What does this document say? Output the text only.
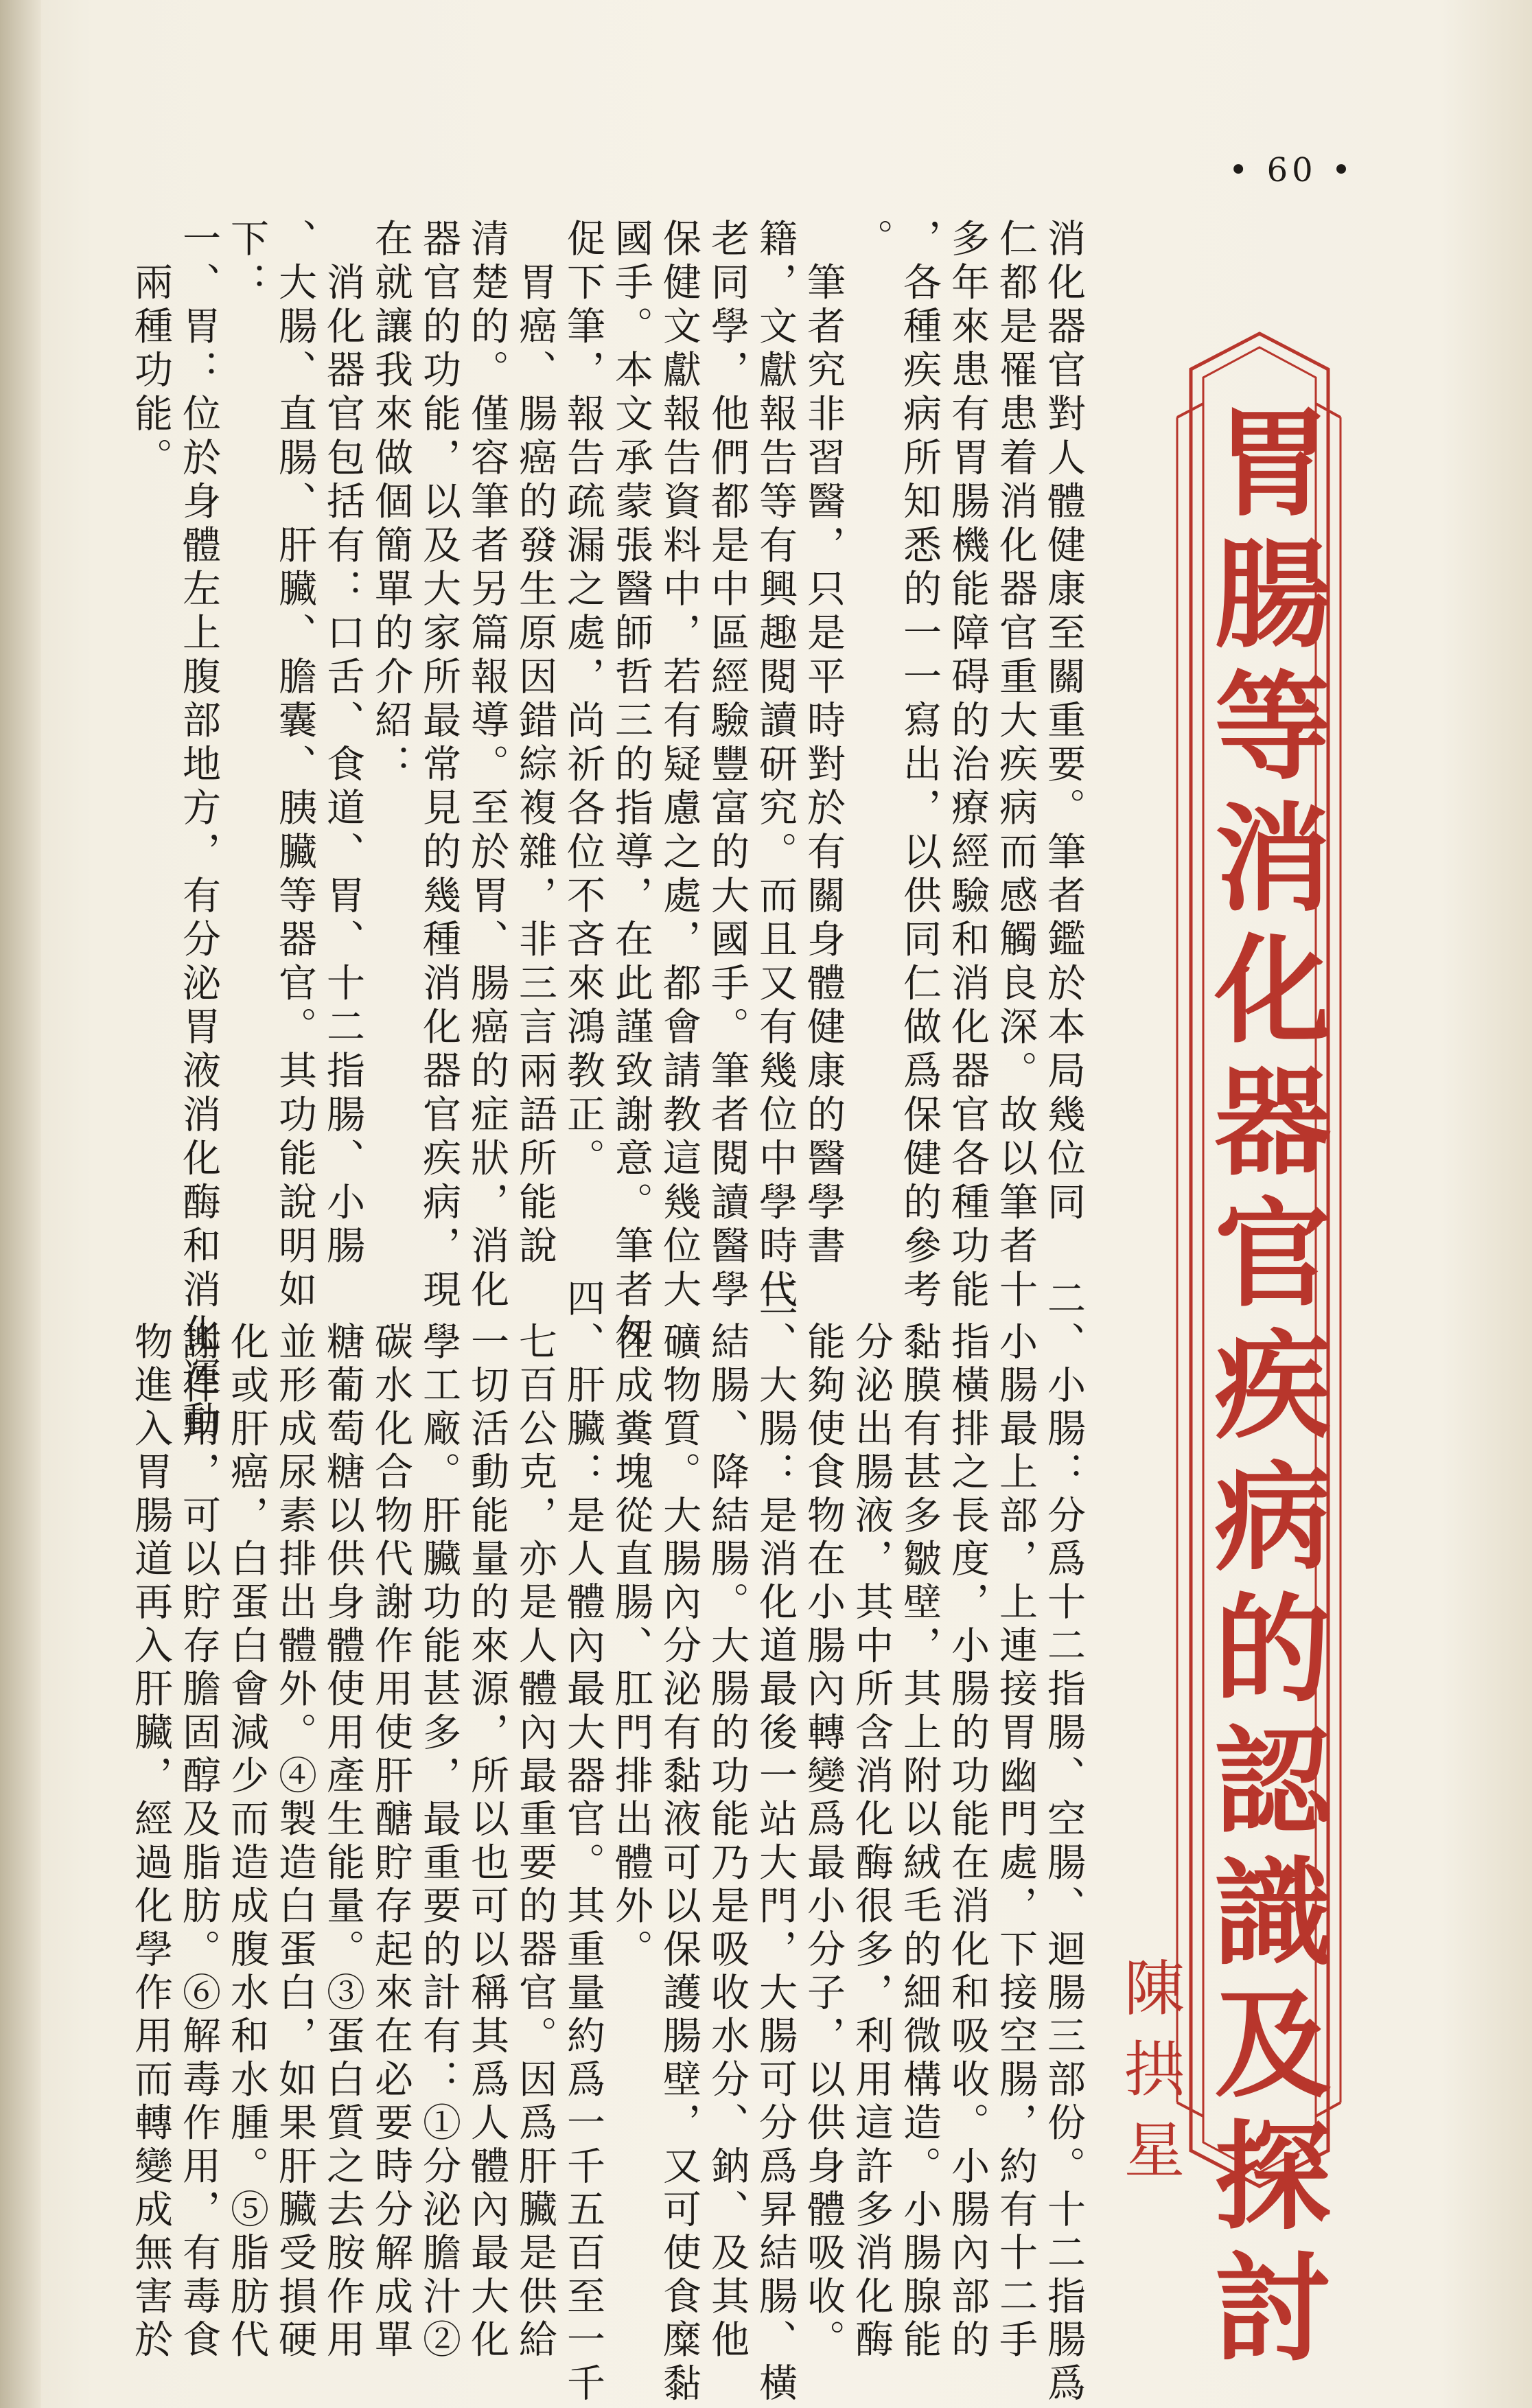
• 60 •
胃腸等消化器官疾病的認識及探討
陳拱星
消化器官對人體健康至關重要。筆者鑑於本局幾位同
仁都是罹患着消化器官重大疾病而感觸良深。故以筆者十
多年來患有胃腸機能障碍的治療經驗和消化器官各種功能
，各種疾病所知悉的一一寫出，以供同仁做爲保健的參考
。
　筆者究非習醫，只是平時對於有關身體健康的醫學書
籍，文獻報告等有興趣閱讀研究。而且又有幾位中學時代
老同學，他們都是中區經驗豐富的大國手。筆者閱讀醫學
保健文獻報告資料中，若有疑慮之處，都會請教這幾位大
國手。本文承蒙張醫師哲三的指導，在此謹致謝意。筆者匆
促下筆，報告疏漏之處，尚祈各位不吝來鴻教正。
　胃癌、腸癌的發生原因錯綜複雜，非三言兩語所能說
清楚的。僅容筆者另篇報導。至於胃、腸癌的症狀，消化
器官的功能，以及大家所最常見的幾種消化器官疾病，現
在就讓我來做個簡單的介紹：
　消化器官包括有：口舌、食道、胃、十二指腸、小腸
、大腸、直腸、肝臟、膽囊、胰臟等器官。其功能說明如
下：
一、胃：位於身體左上腹部地方，有分泌胃液消化酶和消化運動
　兩種功能。
二、小腸：分爲十二指腸、空腸、迴腸三部份。十二指腸爲
　小腸最上部，上連接胃幽門處，下接空腸，約有十二手
　指橫排之長度，小腸的功能在消化和吸收。小腸內部的
　黏膜有甚多皺壁，其上附以絨毛的細微構造。小腸腺能
　分泌出腸液，其中所含消化酶很多，利用這許多消化酶
　能夠使食物在小腸內轉變爲最小分子，以供身體吸收。
三、大腸：是消化道最後一站大門，大腸可分爲昇結腸、橫
　結腸、降結腸。大腸的功能乃是吸收水分、鈉、及其他
　礦物質。大腸內分泌有黏液可以保護腸壁，又可使食糜黏
　住成糞塊從直腸、肛門排出體外。
四、肝臟：是人體內最大器官。其重量約爲一千五百至一千
　七百公克，亦是人體內最重要的器官。因爲肝臟是供給
　一切活動能量的來源，所以也可以稱其爲人體內最大化
　學工廠。肝臟功能甚多，最重要的計有：①分泌膽汁②
　碳水化合物代謝作用使肝醣貯存起來在必要時分解成單
　糖葡萄糖以供身體使用產生能量。③蛋白質之去胺作用
　並形成尿素排出體外。④製造白蛋白，如果肝臟受損硬
　化或肝癌，白蛋白會減少而造成腹水和水腫。⑤脂肪代
　謝作用，可以貯存膽固醇及脂肪。⑥解毒作用，有毒食
　物進入胃腸道再入肝臟，經過化學作用而轉變成無害於
